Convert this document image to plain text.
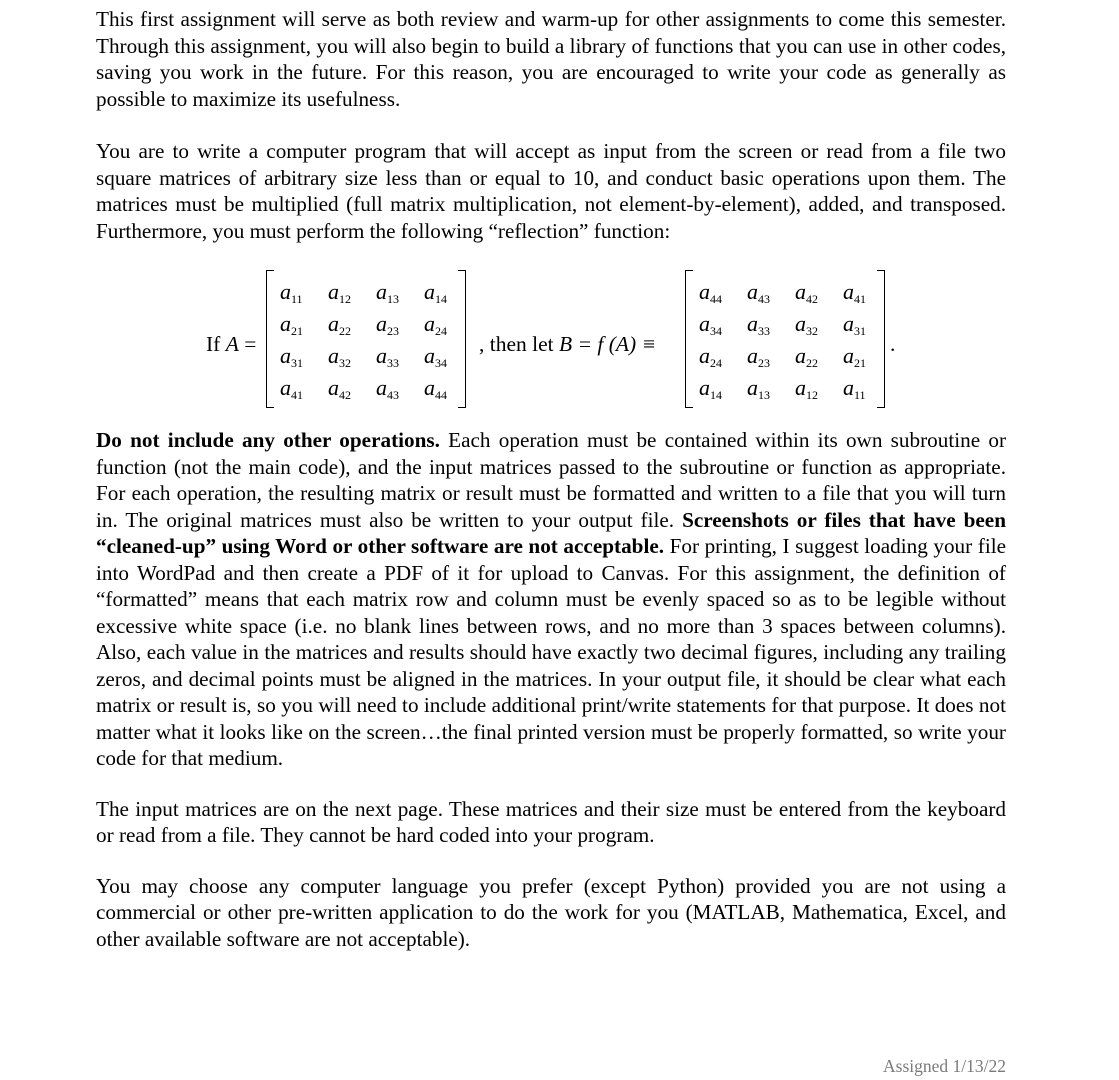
This first assignment will serve as both review and warm-up for other assignments to come this semester. Through this assignment, you will also begin to build a library of functions that you can use in other codes, saving you work in the future. For this reason, you are encouraged to write your code as generally as possible to maximize its usefulness.

You are to write a computer program that will accept as input from the screen or read from a file two square matrices of arbitrary size less than or equal to 10, and conduct basic operations upon them. The matrices must be multiplied (full matrix multiplication, not element-by-element), added, and transposed. Furthermore, you must perform the following “reflection” function:

If A =
$a_{11}$	$a_{12}$	$a_{13}$	$a_{14}$
$a_{21}$	$a_{22}$	$a_{23}$	$a_{24}$
$a_{31}$	$a_{32}$	$a_{33}$	$a_{34}$
$a_{41}$	$a_{42}$	$a_{43}$	$a_{44}$
, then let B = f (A) ≡
$a_{44}$	$a_{43}$	$a_{42}$	$a_{41}$
$a_{34}$	$a_{33}$	$a_{32}$	$a_{31}$
$a_{24}$	$a_{23}$	$a_{22}$	$a_{21}$
$a_{14}$	$a_{13}$	$a_{12}$	$a_{11}$
.

Do not include any other operations. Each operation must be contained within its own subroutine or function (not the main code), and the input matrices passed to the subroutine or function as appropriate. For each operation, the resulting matrix or result must be formatted and written to a file that you will turn in. The original matrices must also be written to your output file. Screenshots or files that have been “cleaned-up” using Word or other software are not acceptable. For printing, I suggest loading your file into WordPad and then create a PDF of it for upload to Canvas. For this assignment, the definition of “formatted” means that each matrix row and column must be evenly spaced so as to be legible without excessive white space (i.e. no blank lines between rows, and no more than 3 spaces between columns). Also, each value in the matrices and results should have exactly two decimal figures, including any trailing zeros, and decimal points must be aligned in the matrices. In your output file, it should be clear what each matrix or result is, so you will need to include additional print/write statements for that purpose. It does not matter what it looks like on the screen…the final printed version must be properly formatted, so write your code for that medium.

The input matrices are on the next page. These matrices and their size must be entered from the keyboard or read from a file. They cannot be hard coded into your program.

You may choose any computer language you prefer (except Python) provided you are not using a commercial or other pre-written application to do the work for you (MATLAB, Mathematica, Excel, and other available software are not acceptable).

Assigned 1/13/22
